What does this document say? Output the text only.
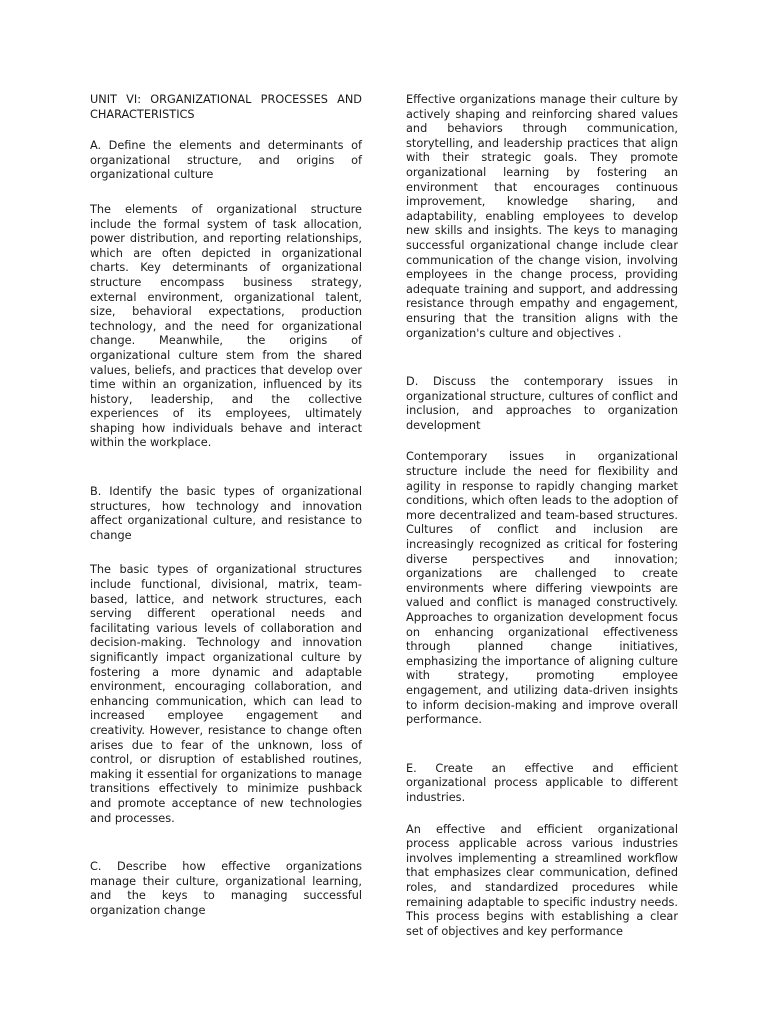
UNIT VI: ORGANIZATIONAL PROCESSES AND CHARACTERISTICS

A. Define the elements and determinants of organizational structure, and origins of organizational culture

The elements of organizational structure include the formal system of task allocation, power distribution, and reporting relationships, which are often depicted in organizational charts. Key determinants of organizational structure encompass business strategy, external environment, organizational talent, size, behavioral expectations, production technology, and the need for organizational change. Meanwhile, the origins of organizational culture stem from the shared values, beliefs, and practices that develop over time within an organization, influenced by its history, leadership, and the collective experiences of its employees, ultimately shaping how individuals behave and interact within the workplace.

B. Identify the basic types of organizational structures, how technology and innovation affect organizational culture, and resistance to change

The basic types of organizational structures include functional, divisional, matrix, team-based, lattice, and network structures, each serving different operational needs and facilitating various levels of collaboration and decision-making. Technology and innovation significantly impact organizational culture by fostering a more dynamic and adaptable environment, encouraging collaboration, and enhancing communication, which can lead to increased employee engagement and creativity. However, resistance to change often arises due to fear of the unknown, loss of control, or disruption of established routines, making it essential for organizations to manage transitions effectively to minimize pushback and promote acceptance of new technologies and processes.

C. Describe how effective organizations manage their culture, organizational learning, and the keys to managing successful organization change

Effective organizations manage their culture by actively shaping and reinforcing shared values and behaviors through communication, storytelling, and leadership practices that align with their strategic goals. They promote organizational learning by fostering an environment that encourages continuous improvement, knowledge sharing, and adaptability, enabling employees to develop new skills and insights. The keys to managing successful organizational change include clear communication of the change vision, involving employees in the change process, providing adequate training and support, and addressing resistance through empathy and engagement, ensuring that the transition aligns with the organization's culture and objectives .

D. Discuss the contemporary issues in organizational structure, cultures of conflict and inclusion, and approaches to organization development

Contemporary issues in organizational structure include the need for flexibility and agility in response to rapidly changing market conditions, which often leads to the adoption of more decentralized and team-based structures. Cultures of conflict and inclusion are increasingly recognized as critical for fostering diverse perspectives and innovation; organizations are challenged to create environments where differing viewpoints are valued and conflict is managed constructively. Approaches to organization development focus on enhancing organizational effectiveness through planned change initiatives, emphasizing the importance of aligning culture with strategy, promoting employee engagement, and utilizing data-driven insights to inform decision-making and improve overall performance.

E. Create an effective and efficient organizational process applicable to different industries.

An effective and efficient organizational process applicable across various industries involves implementing a streamlined workflow that emphasizes clear communication, defined roles, and standardized procedures while remaining adaptable to specific industry needs. This process begins with establishing a clear set of objectives and key performance
